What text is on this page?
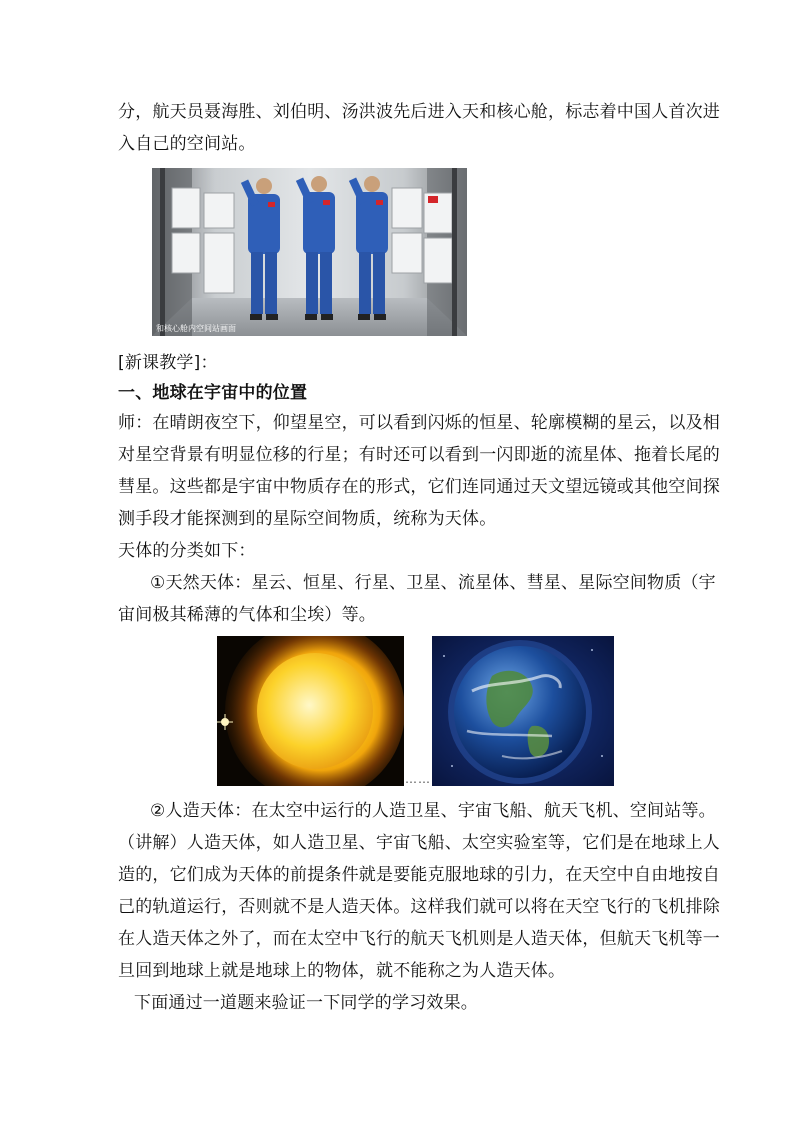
分，航天员聂海胜、刘伯明、汤洪波先后进入天和核心舱，标志着中国人首次进
入自己的空间站。
和核心舱内空间站画面
[新课教学]：
一、地球在宇宙中的位置
师：在晴朗夜空下，仰望星空，可以看到闪烁的恒星、轮廓模糊的星云，以及相
对星空背景有明显位移的行星；有时还可以看到一闪即逝的流星体、拖着长尾的
彗星。这些都是宇宙中物质存在的形式，它们连同通过天文望远镜或其他空间探
测手段才能探测到的星际空间物质，统称为天体。
天体的分类如下：
①天然天体：星云、恒星、行星、卫星、流星体、彗星、星际空间物质（宇
宙间极其稀薄的气体和尘埃）等。
……
②人造天体：在太空中运行的人造卫星、宇宙飞船、航天飞机、空间站等。
（讲解）人造天体，如人造卫星、宇宙飞船、太空实验室等，它们是在地球上人
造的，它们成为天体的前提条件就是要能克服地球的引力，在天空中自由地按自
己的轨道运行，否则就不是人造天体。这样我们就可以将在天空飞行的飞机排除
在人造天体之外了，而在太空中飞行的航天飞机则是人造天体，但航天飞机等一
旦回到地球上就是地球上的物体，就不能称之为人造天体。
下面通过一道题来验证一下同学的学习效果。
